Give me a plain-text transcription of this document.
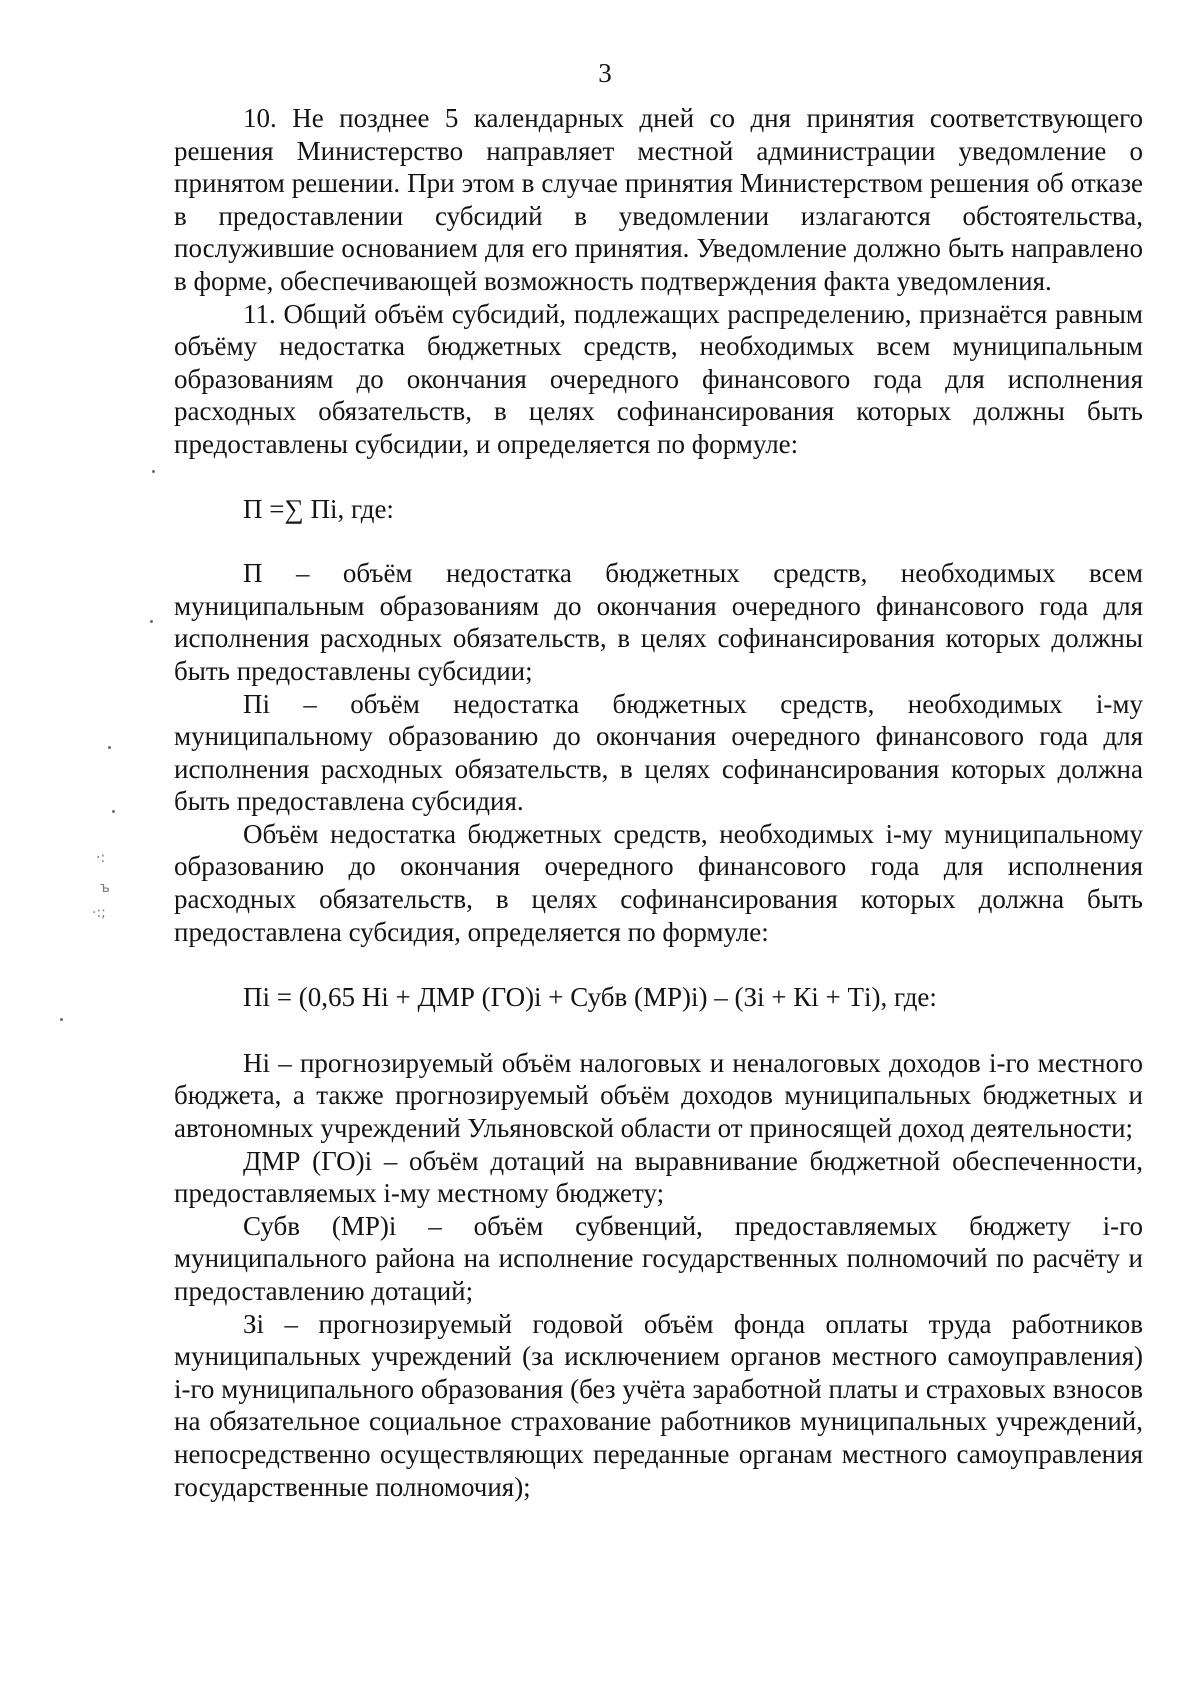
3
·:
ъ
·:;

10. Не позднее 5 календарных дней со дня принятия соответствующего решения Министерство направляет местной администрации уведомление о принятом решении. При этом в случае принятия Министерством решения об отказе в предоставлении субсидий в уведомлении излагаются обстоятельства, послужившие основанием для его принятия. Уведомление должно быть направлено в форме, обеспечивающей возможность подтверждения факта уведомления.

11. Общий объём субсидий, подлежащих распределению, признаётся равным объёму недостатка бюджетных средств, необходимых всем муниципальным образованиям до окончания очередного финансового года для исполнения расходных обязательств, в целях софинансирования которых должны быть предоставлены субсидии, и определяется по формуле:

П =∑ Пi, где:

П – объём недостатка бюджетных средств, необходимых всем муниципальным образованиям до окончания очередного финансового года для исполнения расходных обязательств, в целях софинансирования которых должны быть предоставлены субсидии;

Пi – объём недостатка бюджетных средств, необходимых i-му муниципальному образованию до окончания очередного финансового года для исполнения расходных обязательств, в целях софинансирования которых должна быть предоставлена субсидия.

Объём недостатка бюджетных средств, необходимых i-му муниципальному образованию до окончания очередного финансового года для исполнения расходных обязательств, в целях софинансирования которых должна быть предоставлена субсидия, определяется по формуле:

Пi = (0,65 Нi + ДМР (ГО)i + Субв (МР)i) – (Зi + Кi + Тi), где:

Нi – прогнозируемый объём налоговых и неналоговых доходов i-го местного бюджета, а также прогнозируемый объём доходов муниципальных бюджетных и автономных учреждений Ульяновской области от приносящей доход деятельности;

ДМР (ГО)i – объём дотаций на выравнивание бюджетной обеспеченности, предоставляемых i-му местному бюджету;

Субв (МР)i – объём субвенций, предоставляемых бюджету i-го муниципального района на исполнение государственных полномочий по расчёту и предоставлению дотаций;

Зi – прогнозируемый годовой объём фонда оплаты труда работников муниципальных учреждений (за исключением органов местного самоуправления) i-го муниципального образования (без учёта заработной платы и страховых взносов на обязательное социальное страхование работников муниципальных учреждений, непосредственно осуществляющих переданные органам местного самоуправления государственные полномочия);
